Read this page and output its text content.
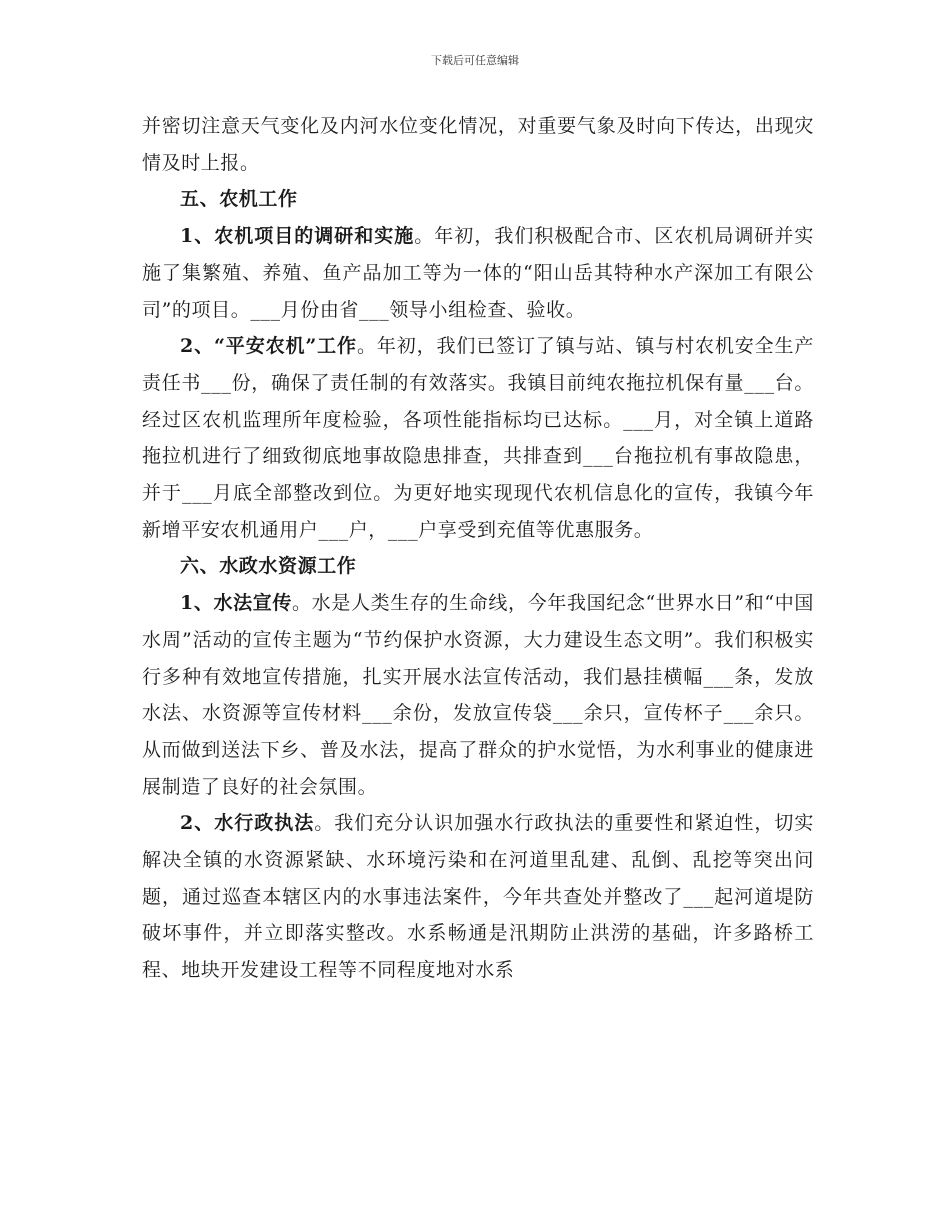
下载后可任意编辑

并密切注意天气变化及内河水位变化情况，对重要气象及时向下传达，出现灾情及时上报。

五、农机工作

1、农机项目的调研和实施。年初，我们积极配合市、区农机局调研并实施了集繁殖、养殖、鱼产品加工等为一体的“阳山岳其特种水产深加工有限公司”的项目。___月份由省___领导小组检查、验收。

2、“平安农机”工作。年初，我们已签订了镇与站、镇与村农机安全生产责任书___份，确保了责任制的有效落实。我镇目前纯农拖拉机保有量___台。经过区农机监理所年度检验，各项性能指标均已达标。___月，对全镇上道路拖拉机进行了细致彻底地事故隐患排查，共排查到___台拖拉机有事故隐患，并于___月底全部整改到位。为更好地实现现代农机信息化的宣传，我镇今年新增平安农机通用户___户，___户享受到充值等优惠服务。

六、水政水资源工作

1、水法宣传。水是人类生存的生命线，今年我国纪念“世界水日”和“中国水周”活动的宣传主题为“节约保护水资源，大力建设生态文明”。我们积极实行多种有效地宣传措施，扎实开展水法宣传活动，我们悬挂横幅___条，发放水法、水资源等宣传材料___余份，发放宣传袋___余只，宣传杯子___余只。从而做到送法下乡、普及水法，提高了群众的护水觉悟，为水利事业的健康进展制造了良好的社会氛围。

2、水行政执法。我们充分认识加强水行政执法的重要性和紧迫性，切实解决全镇的水资源紧缺、水环境污染和在河道里乱建、乱倒、乱挖等突出问题，通过巡查本辖区内的水事违法案件，今年共查处并整改了___起河道堤防破坏事件，并立即落实整改。水系畅通是汛期防止洪涝的基础，许多路桥工程、地块开发建设工程等不同程度地对水系
